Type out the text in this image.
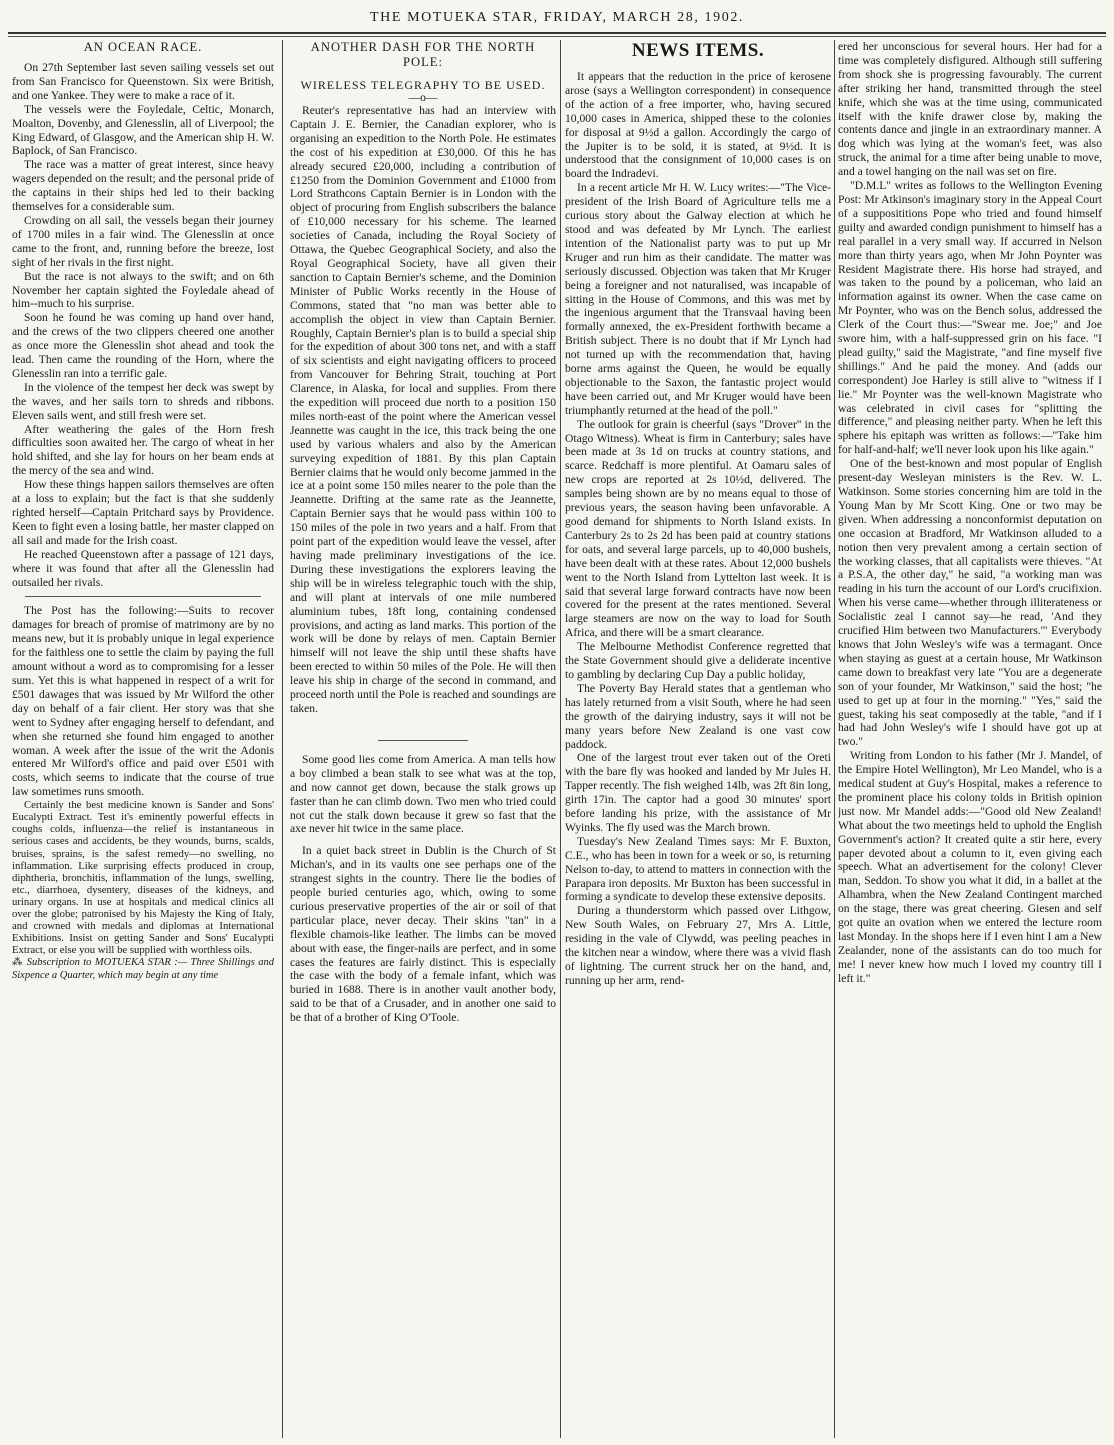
THE MOTUEKA STAR, FRIDAY, MARCH 28, 1902.

AN OCEAN RACE.

On 27th September last seven sailing vessels set out from San Francisco for Queenstown. Six were British, and one Yankee. They were to make a race of it.

The vessels were the Foyledale, Celtic, Monarch, Moalton, Dovenby, and Glenesslin, all of Liverpool; the King Edward, of Glasgow, and the American ship H. W. Baplock, of San Francisco.

The race was a matter of great interest, since heavy wagers depended on the result; and the personal pride of the captains in their ships hed led to their backing themselves for a considerable sum.

Crowding on all sail, the vessels began their journey of 1700 miles in a fair wind. The Glenesslin at once came to the front, and, running before the breeze, lost sight of her rivals in the first night.

But the race is not always to the swift; and on 6th November her captain sighted the Foyledale ahead of him--much to his surprise.

Soon he found he was coming up hand over hand, and the crews of the two clippers cheered one another as once more the Glenesslin shot ahead and took the lead. Then came the rounding of the Horn, where the Glenesslin ran into a terrific gale.

In the violence of the tempest her deck was swept by the waves, and her sails torn to shreds and ribbons. Eleven sails went, and still fresh were set.

After weathering the gales of the Horn fresh difficulties soon awaited her. The cargo of wheat in her hold shifted, and she lay for hours on her beam ends at the mercy of the sea and wind.

How these things happen sailors themselves are often at a loss to explain; but the fact is that she suddenly righted herself—Captain Pritchard says by Providence. Keen to fight even a losing battle, her master clapped on all sail and made for the Irish coast.

He reached Queenstown after a passage of 121 days, where it was found that after all the Glenesslin had outsailed her rivals.

The Post has the following:—Suits to recover damages for breach of promise of matrimony are by no means new, but it is probably unique in legal experience for the faithless one to settle the claim by paying the full amount without a word as to compromising for a lesser sum. Yet this is what happened in respect of a writ for £501 dawages that was issued by Mr Wilford the other day on behalf of a fair client. Her story was that she went to Sydney after engaging herself to defendant, and when she returned she found him engaged to another woman. A week after the issue of the writ the Adonis entered Mr Wilford's office and paid over £501 with costs, which seems to indicate that the course of true law sometimes runs smooth.

Certainly the best medicine known is Sander and Sons' Eucalypti Extract. Test it's eminently powerful effects in coughs colds, influenza—the relief is instantaneous in serious cases and accidents, be they wounds, burns, scalds, bruises, sprains, is the safest remedy—no swelling, no inflammation. Like surprising effects produced in croup, diphtheria, bronchitis, inflammation of the lungs, swelling, etc., diarrhoea, dysentery, diseases of the kidneys, and urinary organs. In use at hospitals and medical clinics all over the globe; patronised by his Majesty the King of Italy, and crowned with medals and diplomas at International Exhibitions. Insist on getting Sander and Sons' Eucalypti Extract, or else you will be supplied with worthless oils.

⁂ Subscription to MOTUEKA STAR :— Three Shillings and Sixpence a Quarter, which may begin at any time

ANOTHER DASH FOR THE NORTH POLE:

WIRELESS TELEGRAPHY TO BE USED.

—o—

Reuter's representative has had an interview with Captain J. E. Bernier, the Canadian explorer, who is organising an expedition to the North Pole. He estimates the cost of his expedition at £30,000. Of this he has already secured £20,000, including a contribution of £1250 from the Dominion Government and £1000 from Lord Strathcons Captain Bernier is in London with the object of procuring from English subscribers the balance of £10,000 necessary for his scheme. The learned societies of Canada, including the Royal Society of Ottawa, the Quebec Geographical Society, and also the Royal Geographical Society, have all given their sanction to Captain Bernier's scheme, and the Dominion Minister of Public Works recently in the House of Commons, stated that "no man was better able to accomplish the object in view than Captain Bernier. Roughly, Captain Bernier's plan is to build a special ship for the expedition of about 300 tons net, and with a staff of six scientists and eight navigating officers to proceed from Vancouver for Behring Strait, touching at Port Clarence, in Alaska, for local and supplies. From there the expedition will proceed due north to a position 150 miles north-east of the point where the American vessel Jeannette was caught in the ice, this track being the one used by various whalers and also by the American surveying expedition of 1881. By this plan Captain Bernier claims that he would only become jammed in the ice at a point some 150 miles nearer to the pole than the Jeannette. Drifting at the same rate as the Jeannette, Captain Bernier says that he would pass within 100 to 150 miles of the pole in two years and a half. From that point part of the expedition would leave the vessel, after having made preliminary investigations of the ice. During these investigations the explorers leaving the ship will be in wireless telegraphic touch with the ship, and will plant at intervals of one mile numbered aluminium tubes, 18ft long, containing condensed provisions, and acting as land marks. This portion of the work will be done by relays of men. Captain Bernier himself will not leave the ship until these shafts have been erected to within 50 miles of the Pole. He will then leave his ship in charge of the second in command, and proceed north until the Pole is reached and soundings are taken.

Some good lies come from America. A man tells how a boy climbed a bean stalk to see what was at the top, and now cannot get down, because the stalk grows up faster than he can climb down. Two men who tried could not cut the stalk down because it grew so fast that the axe never hit twice in the same place.

In a quiet back street in Dublin is the Church of St Michan's, and in its vaults one see perhaps one of the strangest sights in the country. There lie the bodies of people buried centuries ago, which, owing to some curious preservative properties of the air or soil of that particular place, never decay. Their skins "tan" in a flexible chamois-like leather. The limbs can be moved about with ease, the finger-nails are perfect, and in some cases the features are fairly distinct. This is especially the case with the body of a female infant, which was buried in 1688. There is in another vault another body, said to be that of a Crusader, and in another one said to be that of a brother of King O'Toole.

NEWS ITEMS.

It appears that the reduction in the price of kerosene arose (says a Wellington correspondent) in consequence of the action of a free importer, who, having secured 10,000 cases in America, shipped these to the colonies for disposal at 9½d a gallon. Accordingly the cargo of the Jupiter is to be sold, it is stated, at 9½d. It is understood that the consignment of 10,000 cases is on board the Indradevi.

In a recent article Mr H. W. Lucy writes:—"The Vice-president of the Irish Board of Agriculture tells me a curious story about the Galway election at which he stood and was defeated by Mr Lynch. The earliest intention of the Nationalist party was to put up Mr Kruger and run him as their candidate. The matter was seriously discussed. Objection was taken that Mr Kruger being a foreigner and not naturalised, was incapable of sitting in the House of Commons, and this was met by the ingenious argument that the Transvaal having been formally annexed, the ex-President forthwith became a British subject. There is no doubt that if Mr Lynch had not turned up with the recommendation that, having borne arms against the Queen, he would be equally objectionable to the Saxon, the fantastic project would have been carried out, and Mr Kruger would have been triumphantly returned at the head of the poll."

The outlook for grain is cheerful (says "Drover" in the Otago Witness). Wheat is firm in Canterbury; sales have been made at 3s 1d on trucks at country stations, and scarce. Redchaff is more plentiful. At Oamaru sales of new crops are reported at 2s 10½d, delivered. The samples being shown are by no means equal to those of previous years, the season having been unfavorable. A good demand for shipments to North Island exists. In Canterbury 2s to 2s 2d has been paid at country stations for oats, and several large parcels, up to 40,000 bushels, have been dealt with at these rates. About 12,000 bushels went to the North Island from Lyttelton last week. It is said that several large forward contracts have now been covered for the present at the rates mentioned. Several large steamers are now on the way to load for South Africa, and there will be a smart clearance.

The Melbourne Methodist Conference regretted that the State Government should give a deliderate incentive to gambling by declaring Cup Day a public holiday,

The Poverty Bay Herald states that a gentleman who has lately returned from a visit South, where he had seen the growth of the dairying industry, says it will not be many years before New Zealand is one vast cow paddock.

One of the largest trout ever taken out of the Oreti with the bare fly was hooked and landed by Mr Jules H. Tapper recently. The fish weighed 14lb, was 2ft 8in long, girth 17in. The captor had a good 30 minutes' sport before landing his prize, with the assistance of Mr Wyinks. The fly used was the March brown.

Tuesday's New Zealand Times says: Mr F. Buxton, C.E., who has been in town for a week or so, is returning Nelson to-day, to attend to matters in connection with the Parapara iron deposits. Mr Buxton has been successful in forming a syndicate to develop these extensive deposits.

During a thunderstorm which passed over Lithgow, New South Wales, on February 27, Mrs A. Little, residing in the vale of Clywdd, was peeling peaches in the kitchen near a window, where there was a vivid flash of lightning. The current struck her on the hand, and, running up her arm, rend-

ered her unconscious for several hours. Her had for a time was completely disfigured. Although still suffering from shock she is progressing favourably. The current after striking her hand, transmitted through the steel knife, which she was at the time using, communicated itself with the knife drawer close by, making the contents dance and jingle in an extraordinary manner. A dog which was lying at the woman's feet, was also struck, the animal for a time after being unable to move, and a towel hanging on the nail was set on fire.

"D.M.L" writes as follows to the Wellington Evening Post: Mr Atkinson's imaginary story in the Appeal Court of a supposititions Pope who tried and found himself guilty and awarded condign punishment to himself has a real parallel in a very small way. If accurred in Nelson more than thirty years ago, when Mr John Poynter was Resident Magistrate there. His horse had strayed, and was taken to the pound by a policeman, who laid an information against its owner. When the case came on Mr Poynter, who was on the Bench solus, addressed the Clerk of the Court thus:—"Swear me. Joe;" and Joe swore him, with a half-suppressed grin on his face. "I plead guilty," said the Magistrate, "and fine myself five shillings." And he paid the money. And (adds our correspondent) Joe Harley is still alive to "witness if I lie." Mr Poynter was the well-known Magistrate who was celebrated in civil cases for "splitting the difference," and pleasing neither party. When he left this sphere his epitaph was written as follows:—"Take him for half-and-half; we'll never look upon his like again."

One of the best-known and most popular of English present-day Wesleyan ministers is the Rev. W. L. Watkinson. Some stories concerning him are told in the Young Man by Mr Scott King. One or two may be given. When addressing a nonconformist deputation on one occasion at Bradford, Mr Watkinson alluded to a notion then very prevalent among a certain section of the working classes, that all capitalists were thieves. "At a P.S.A, the other day," he said, "a working man was reading in his turn the account of our Lord's crucifixion. When his verse came—whether through illiterateness or Socialistic zeal I cannot say—he read, 'And they crucified Him between two Manufacturers.'" Everybody knows that John Wesley's wife was a termagant. Once when staying as guest at a certain house, Mr Watkinson came down to breakfast very late "You are a degenerate son of your founder, Mr Watkinson," said the host; "he used to get up at four in the morning." "Yes," said the guest, taking his seat composedly at the table, "and if I had had John Wesley's wife I should have got up at two."

Writing from London to his father (Mr J. Mandel, of the Empire Hotel Wellington), Mr Leo Mandel, who is a medical student at Guy's Hospital, makes a reference to the prominent place his colony tolds in British opinion just now. Mr Mandel adds:—"Good old New Zealand! What about the two meetings held to uphold the English Government's action? It created quite a stir here, every paper devoted about a column to it, even giving each speech. What an advertisement for the colony! Clever man, Seddon. To show you what it did, in a ballet at the Alhambra, when the New Zealand Contingent marched on the stage, there was great cheering. Giesen and self got quite an ovation when we entered the lecture room last Monday. In the shops here if I even hint I am a New Zealander, none of the assistants can do too much for me! I never knew how much I loved my country till I left it."
